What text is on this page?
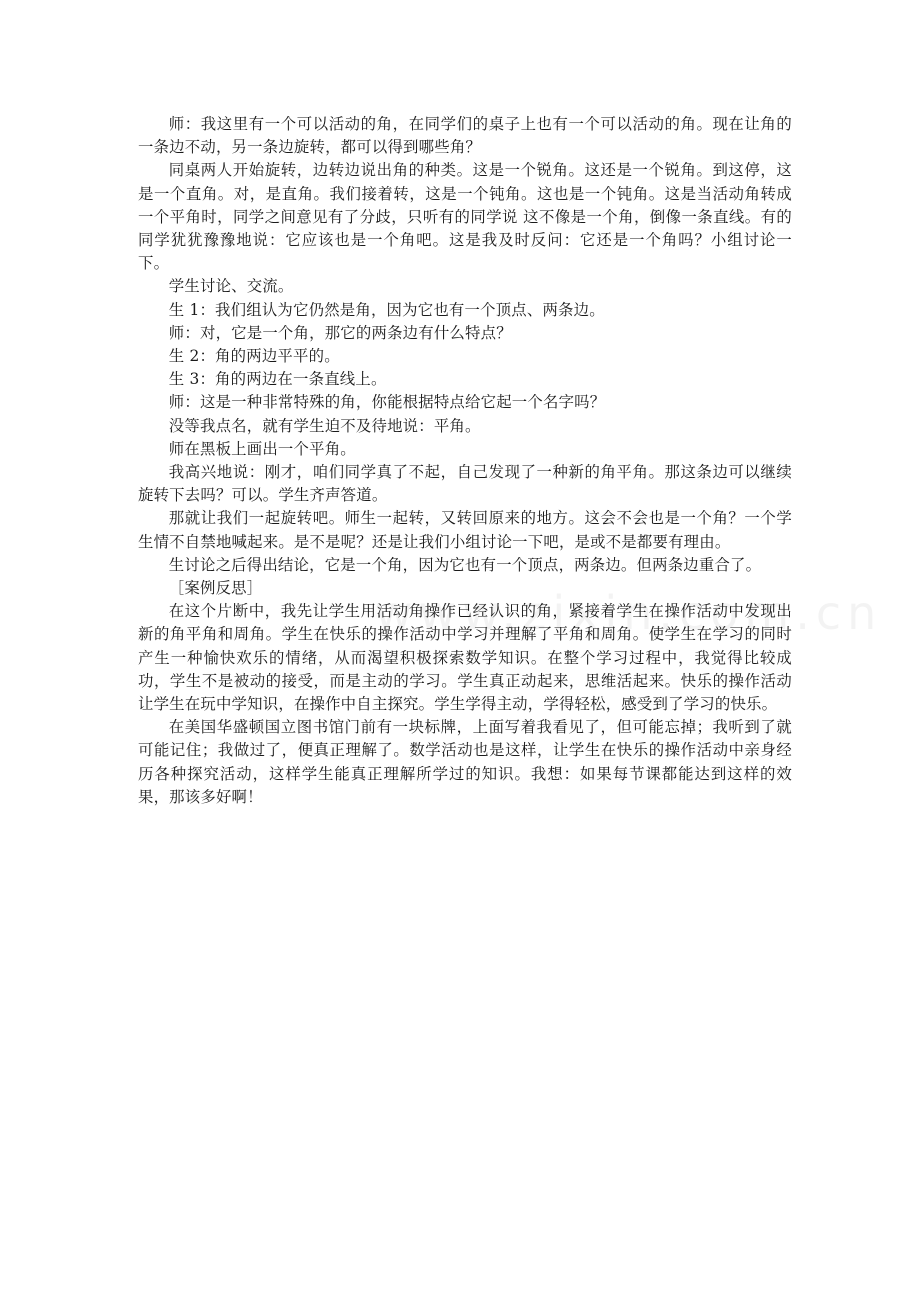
师：我这里有一个可以活动的角，在同学们的桌子上也有一个可以活动的角。现在让角的一条边不动，另一条边旋转，都可以得到哪些角？

同桌两人开始旋转，边转边说出角的种类。这是一个锐角。这还是一个锐角。到这停，这是一个直角。对，是直角。我们接着转，这是一个钝角。这也是一个钝角。这是当活动角转成一个平角时，同学之间意见有了分歧，只听有的同学说 这不像是一个角，倒像一条直线。有的同学犹犹豫豫地说：它应该也是一个角吧。这是我及时反问：它还是一个角吗？小组讨论一下。

学生讨论、交流。

生 1：我们组认为它仍然是角，因为它也有一个顶点、两条边。

师：对，它是一个角，那它的两条边有什么特点？

生 2：角的两边平平的。

生 3：角的两边在一条直线上。

师：这是一种非常特殊的角，你能根据特点给它起一个名字吗？

没等我点名，就有学生迫不及待地说：平角。

师在黑板上画出一个平角。

我高兴地说：刚才，咱们同学真了不起，自己发现了一种新的角平角。那这条边可以继续旋转下去吗？可以。学生齐声答道。

那就让我们一起旋转吧。师生一起转，又转回原来的地方。这会不会也是一个角？一个学生情不自禁地喊起来。是不是呢？还是让我们小组讨论一下吧，是或不是都要有理由。

生讨论之后得出结论，它是一个角，因为它也有一个顶点，两条边。但两条边重合了。

［案例反思］

在这个片断中，我先让学生用活动角操作已经认识的角，紧接着学生在操作活动中发现出新的角平角和周角。学生在快乐的操作活动中学习并理解了平角和周角。使学生在学习的同时产生一种愉快欢乐的情绪，从而渴望积极探索数学知识。在整个学习过程中，我觉得比较成功，学生不是被动的接受，而是主动的学习。学生真正动起来，思维活起来。快乐的操作活动让学生在玩中学知识，在操作中自主探究。学生学得主动，学得轻松，感受到了学习的快乐。

在美国华盛顿国立图书馆门前有一块标牌，上面写着我看见了，但可能忘掉；我听到了就可能记住；我做过了，便真正理解了。数学活动也是这样，让学生在快乐的操作活动中亲身经历各种探究活动，这样学生能真正理解所学过的知识。我想：如果每节课都能达到这样的效果，那该多好啊！
